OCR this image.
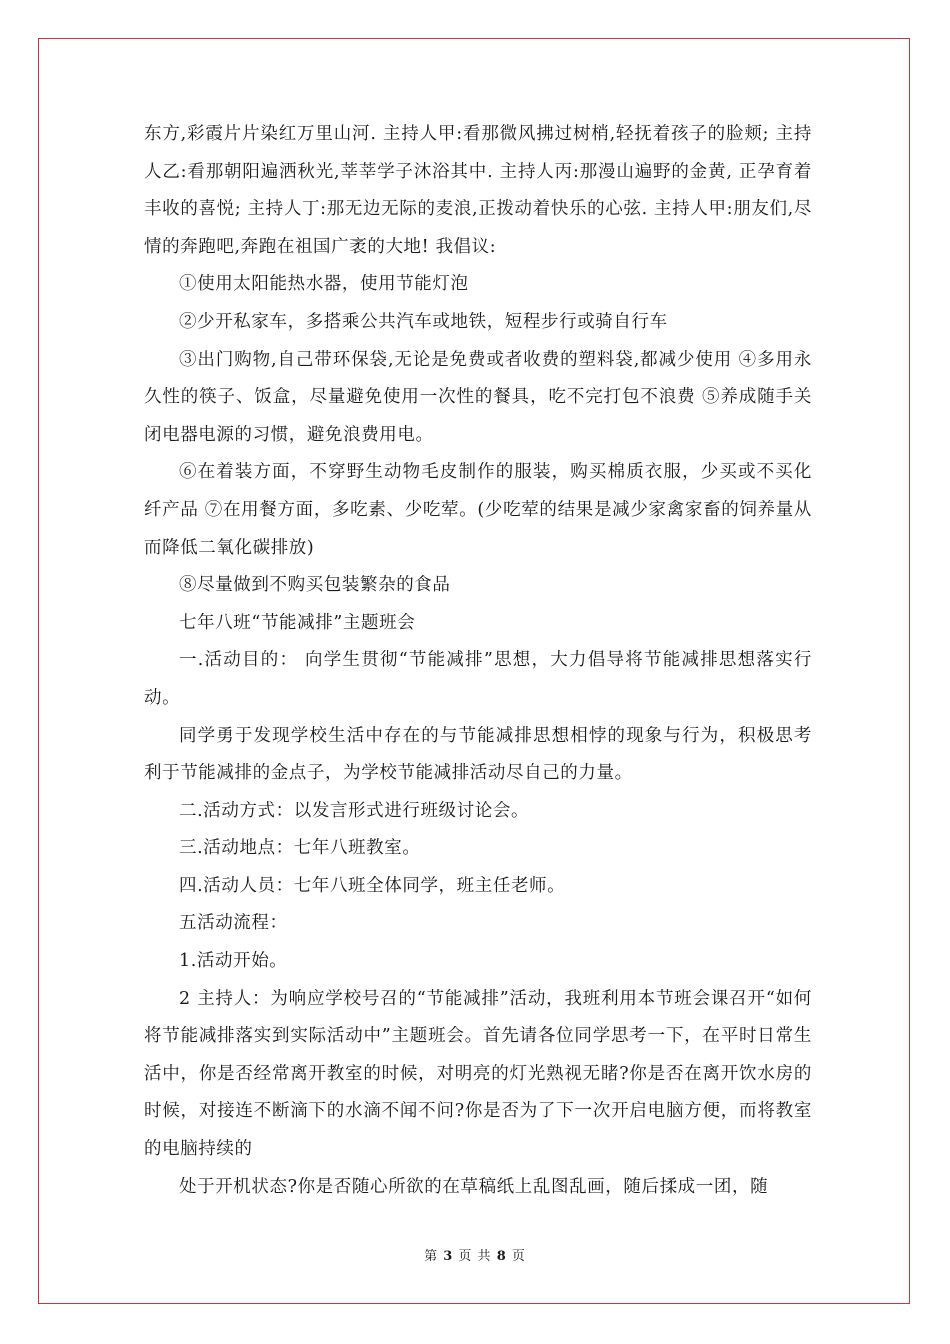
东方,彩霞片片染红万里山河. 主持人甲:看那微风拂过树梢,轻抚着孩子的脸颊; 主持人乙:看那朝阳遍洒秋光,莘莘学子沐浴其中. 主持人丙:那漫山遍野的金黄, 正孕育着丰收的喜悦; 主持人丁:那无边无际的麦浪,正拨动着快乐的心弦. 主持人甲:朋友们,尽情的奔跑吧,奔跑在祖国广袤的大地! 我倡议:

①使用太阳能热水器，使用节能灯泡

②少开私家车，多搭乘公共汽车或地铁，短程步行或骑自行车

③出门购物,自己带环保袋,无论是免费或者收费的塑料袋,都减少使用 ④多用永久性的筷子、饭盒，尽量避免使用一次性的餐具，吃不完打包不浪费 ⑤养成随手关闭电器电源的习惯，避免浪费用电。

⑥在着装方面，不穿野生动物毛皮制作的服装，购买棉质衣服，少买或不买化纤产品 ⑦在用餐方面，多吃素、少吃荤。(少吃荤的结果是减少家禽家畜的饲养量从而降低二氧化碳排放)

⑧尽量做到不购买包装繁杂的食品

七年八班“节能减排”主题班会

一.活动目的： 向学生贯彻“节能减排”思想，大力倡导将节能减排思想落实行动。

同学勇于发现学校生活中存在的与节能减排思想相悖的现象与行为，积极思考利于节能减排的金点子，为学校节能减排活动尽自己的力量。

二.活动方式：以发言形式进行班级讨论会。

三.活动地点：七年八班教室。

四.活动人员：七年八班全体同学，班主任老师。

五活动流程：

1.活动开始。

2 主持人：为响应学校号召的“节能减排”活动，我班利用本节班会课召开“如何将节能减排落实到实际活动中”主题班会。首先请各位同学思考一下，在平时日常生活中，你是否经常离开教室的时候，对明亮的灯光熟视无睹?你是否在离开饮水房的时候，对接连不断滴下的水滴不闻不问?你是否为了下一次开启电脑方便，而将教室的电脑持续的

处于开机状态?你是否随心所欲的在草稿纸上乱图乱画，随后揉成一团，随

第 3 页 共 8 页
